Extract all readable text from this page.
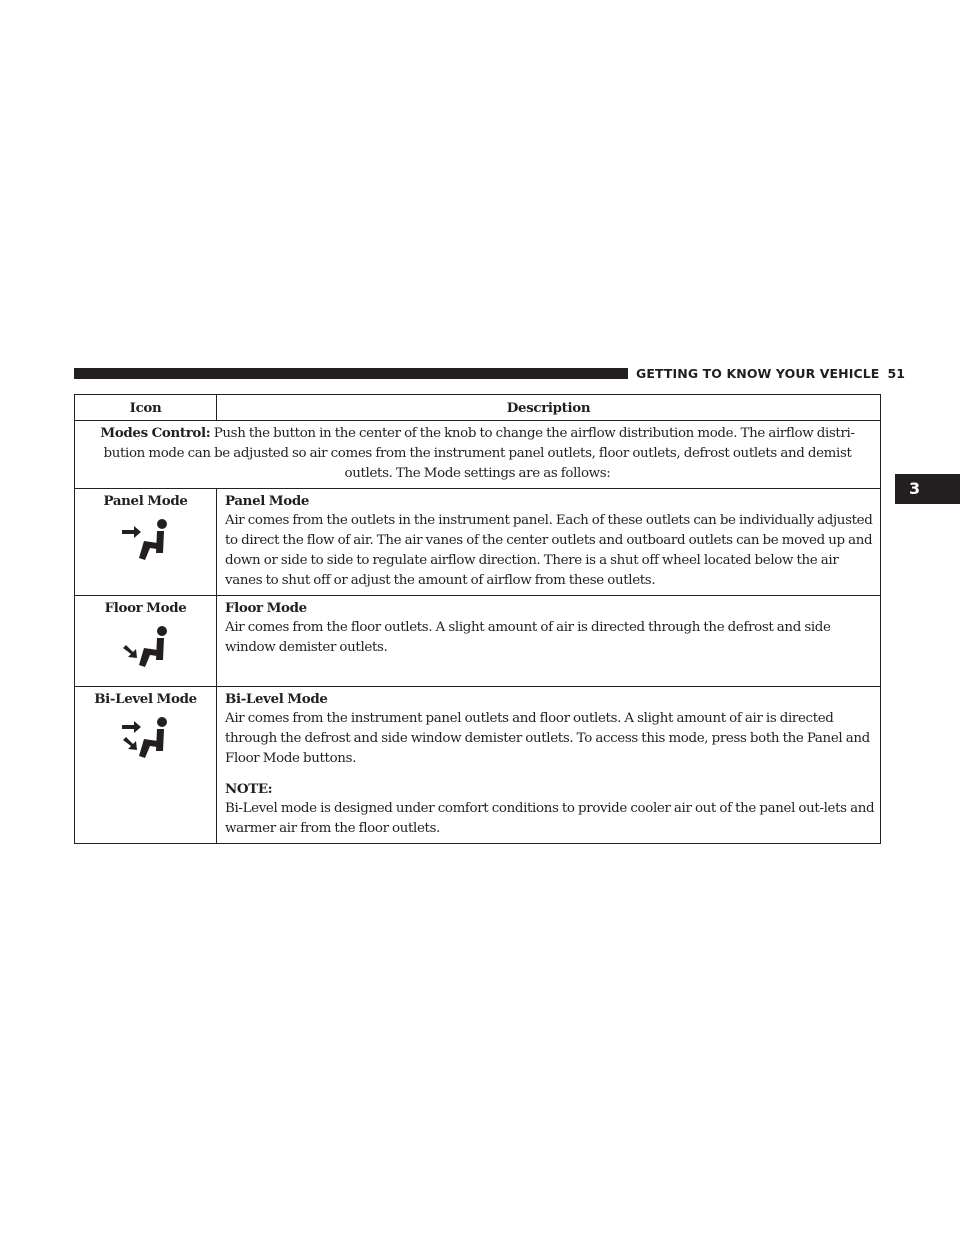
GETTING TO KNOW YOUR VEHICLE 51
3
Icon	Description
Modes Control: Push the button in the center of the knob to change the airflow distribution mode. The airflow distri-bution mode can be adjusted so air comes from the instrument panel outlets, floor outlets, defrost outlets and demist outlets. The Mode settings are as follows:	

Panel Mode	Panel Mode
Air comes from the outlets in the instrument panel. Each of these outlets can be individually adjusted to direct the flow of air. The air vanes of the center outlets and outboard outlets can be moved up and down or side to side to regulate airflow direction. There is a shut off wheel located below the air vanes to shut off or adjust the amount of airflow from these outlets.

Floor Mode	Floor Mode
Air comes from the floor outlets. A slight amount of air is directed through the defrost and side window demister outlets.

Bi-Level Mode	Bi-Level Mode
Air comes from the instrument panel outlets and floor outlets. A slight amount of air is directed through the defrost and side window demister outlets. To access this mode, press both the Panel and Floor Mode buttons.
NOTE:
Bi-Level mode is designed under comfort conditions to provide cooler air out of the panel out-lets and warmer air from the floor outlets.
